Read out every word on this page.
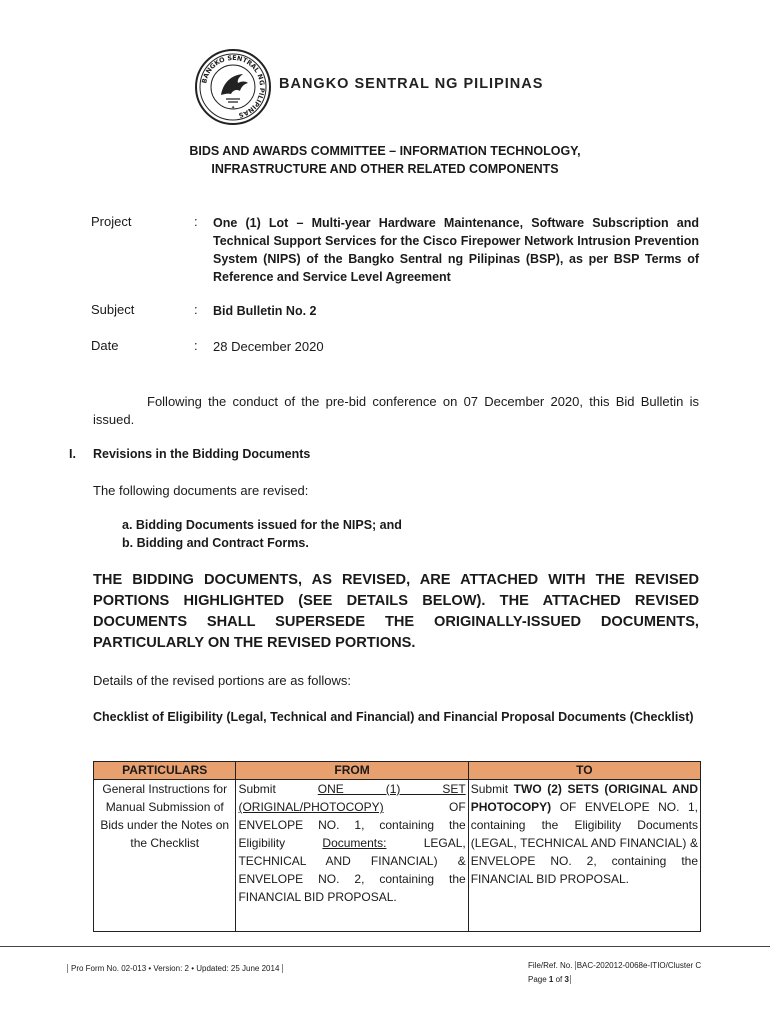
BANGKO SENTRAL NG PILIPINAS
✦
BANGKO SENTRAL NG PILIPINAS
BIDS AND AWARDS COMMITTEE – INFORMATION TECHNOLOGY,
INFRASTRUCTURE AND OTHER RELATED COMPONENTS
Project	: One (1) Lot – Multi-year Hardware Maintenance, Software Subscription and Technical Support Services for the Cisco Firepower Network Intrusion Prevention System (NIPS) of the Bangko Sentral ng Pilipinas (BSP), as per BSP Terms of Reference and Service Level Agreement
Subject	: Bid Bulletin No. 2
Date	: 28 December 2020
Following the conduct of the pre-bid conference on 07 December 2020, this Bid Bulletin is issued.
I. Revisions in the Bidding Documents
The following documents are revised:
a. Bidding Documents issued for the NIPS; and
b. Bidding and Contract Forms.
THE BIDDING DOCUMENTS, AS REVISED, ARE ATTACHED WITH THE REVISED PORTIONS HIGHLIGHTED (SEE DETAILS BELOW). THE ATTACHED REVISED DOCUMENTS SHALL SUPERSEDE THE ORIGINALLY-ISSUED DOCUMENTS, PARTICULARLY ON THE REVISED PORTIONS.
Details of the revised portions are as follows:
Checklist of Eligibility (Legal, Technical and Financial) and Financial Proposal Documents (Checklist)
PARTICULARS	FROM	TO
General Instructions for Manual Submission of Bids under the Notes on the Checklist	Submit ONE (1) SET (ORIGINAL/PHOTOCOPY) OF ENVELOPE NO. 1, containing the Eligibility Documents: LEGAL, TECHNICAL AND FINANCIAL) & ENVELOPE NO. 2, containing the FINANCIAL BID PROPOSAL.	Submit TWO (2) SETS (ORIGINAL AND PHOTOCOPY) OF ENVELOPE NO. 1, containing the Eligibility Documents (LEGAL, TECHNICAL AND FINANCIAL) & ENVELOPE NO. 2, containing the FINANCIAL BID PROPOSAL.
Pro Form No. 02-013 • Version: 2 • Updated: 25 June 2014	File/Ref. No. BAC-202012-0068e-ITIO/Cluster C
Page 1 of 3
